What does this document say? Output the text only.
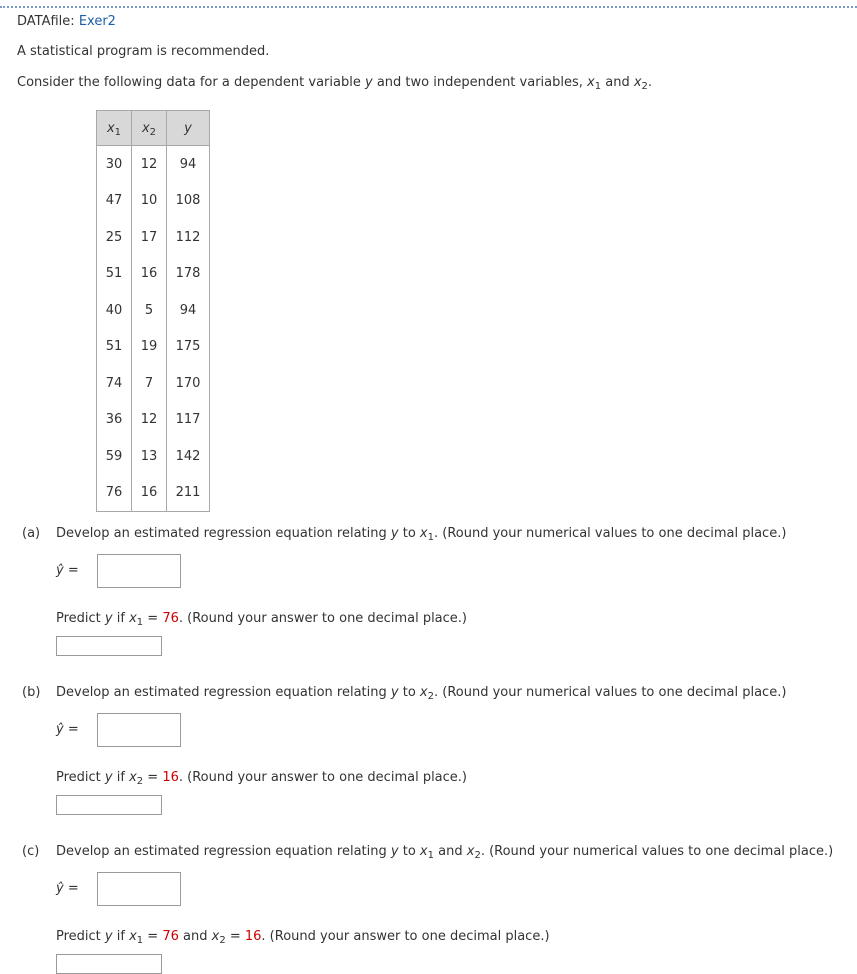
DATAfile: Exer2
A statistical program is recommended.
Consider the following data for a dependent variable y and two independent variables, $x_1$ and $x_2$.
$x_1$	$x_2$	y
30	12	94
47	10	108
25	17	112
51	16	178
40	5	94
51	19	175
74	7	170
36	12	117
59	13	142
76	16	211
(a) Develop an estimated regression equation relating y to $x_1$. (Round your numerical values to one decimal place.)
ŷ =
Predict y if $x_1 = 76$. (Round your answer to one decimal place.)
(b) Develop an estimated regression equation relating y to $x_2$. (Round your numerical values to one decimal place.)
ŷ =
Predict y if $x_2 = 16$. (Round your answer to one decimal place.)
(c) Develop an estimated regression equation relating y to $x_1$ and $x_2$. (Round your numerical values to one decimal place.)
ŷ =
Predict y if $x_1 = 76$ and $x_2 = 16$. (Round your answer to one decimal place.)
